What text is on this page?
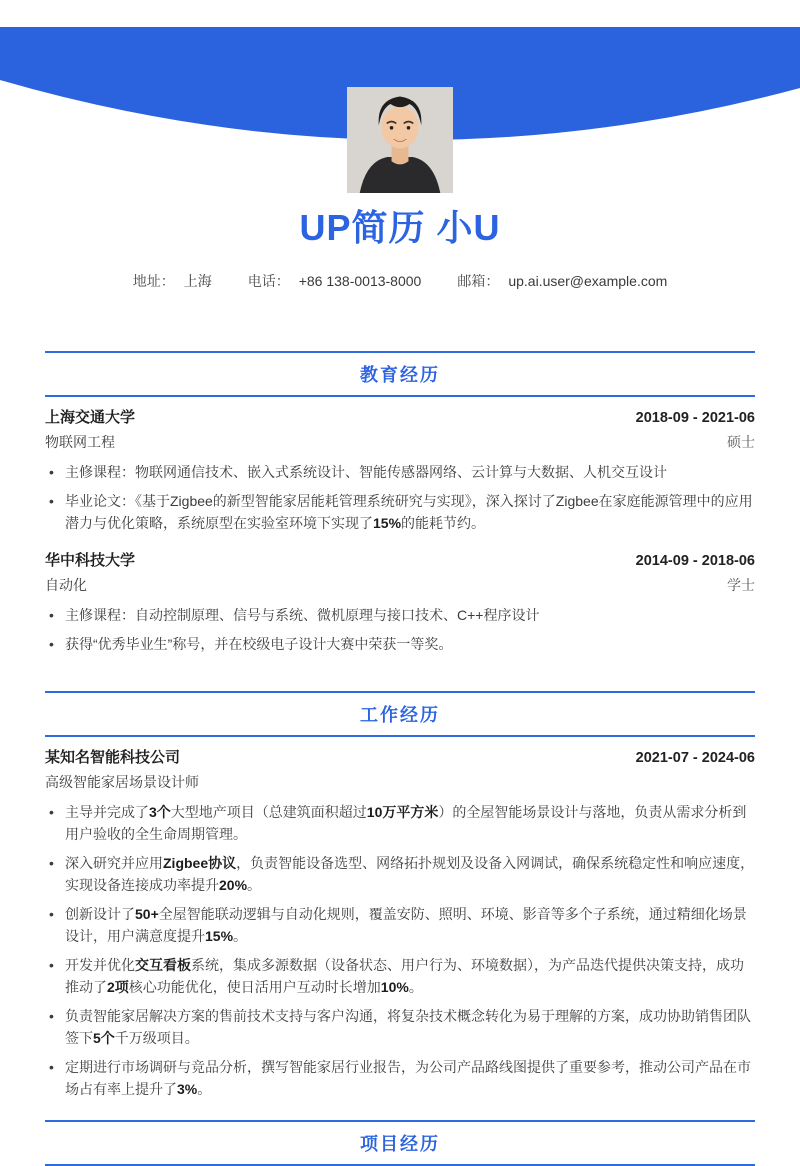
UP简历 小U
地址： 上海	电话： +86 138-0013-8000	邮箱： up.ai.user@example.com
教育经历
上海交通大学	2018-09 - 2021-06
物联网工程	硕士
• 主修课程：物联网通信技术、嵌入式系统设计、智能传感器网络、云计算与大数据、人机交互设计
• 毕业论文：《基于Zigbee的新型智能家居能耗管理系统研究与实现》，深入探讨了Zigbee在家庭能源管理中的应用潜力与优化策略，系统原型在实验室环境下实现了15%的能耗节约。
华中科技大学	2014-09 - 2018-06
自动化	学士
• 主修课程：自动控制原理、信号与系统、微机原理与接口技术、C++程序设计
• 获得“优秀毕业生”称号，并在校级电子设计大赛中荣获一等奖。
工作经历
某知名智能科技公司	2021-07 - 2024-06
高级智能家居场景设计师
• 主导并完成了3个大型地产项目（总建筑面积超过10万平方米）的全屋智能场景设计与落地，负责从需求分析到用户验收的全生命周期管理。
• 深入研究并应用Zigbee协议，负责智能设备选型、网络拓扑规划及设备入网调试，确保系统稳定性和响应速度，实现设备连接成功率提升20%。
• 创新设计了50+全屋智能联动逻辑与自动化规则，覆盖安防、照明、环境、影音等多个子系统，通过精细化场景设计，用户满意度提升15%。
• 开发并优化交互看板系统，集成多源数据（设备状态、用户行为、环境数据），为产品迭代提供决策支持，成功推动了2项核心功能优化，使日活用户互动时长增加10%。
• 负责智能家居解决方案的售前技术支持与客户沟通，将复杂技术概念转化为易于理解的方案，成功协助销售团队签下5个千万级项目。
• 定期进行市场调研与竞品分析，撰写智能家居行业报告，为公司产品路线图提供了重要参考，推动公司产品在市场占有率上提升了3%。
项目经历
